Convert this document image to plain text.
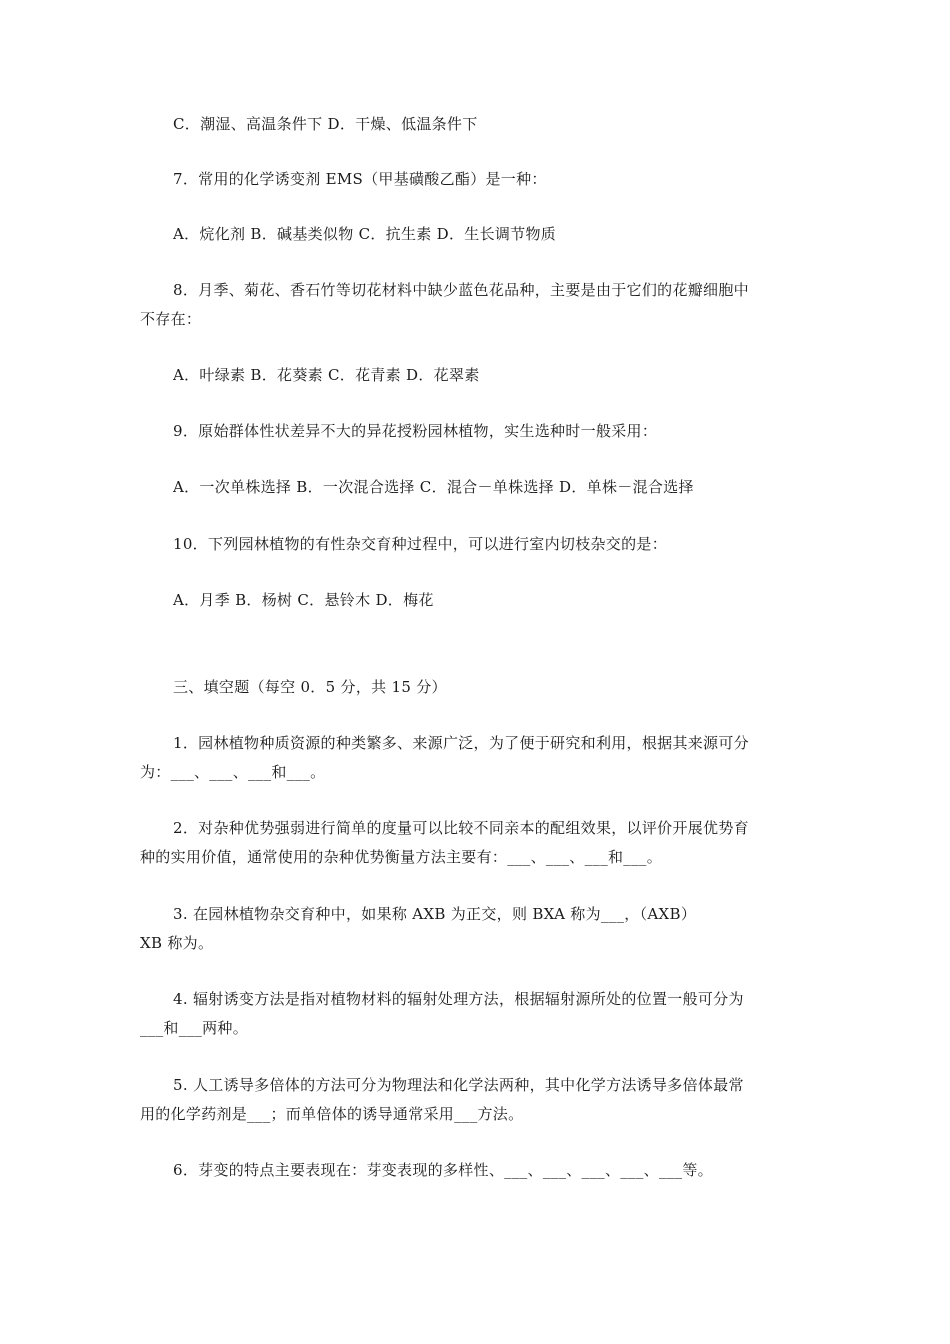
C．潮湿、高温条件下 D．干燥、低温条件下
7．常用的化学诱变剂 EMS（甲基磺酸乙酯）是一种：
A．烷化剂 B．碱基类似物 C．抗生素 D．生长调节物质
8．月季、菊花、香石竹等切花材料中缺少蓝色花品种，主要是由于它们的花瓣细胞中
不存在：
A．叶绿素 B．花葵素 C．花青素 D．花翠素
9．原始群体性状差异不大的异花授粉园林植物，实生选种时一般采用：
A．一次单株选择 B．一次混合选择 C．混合－单株选择 D．单株－混合选择
10．下列园林植物的有性杂交育种过程中，可以进行室内切枝杂交的是：
A．月季 B．杨树 C．悬铃木 D．梅花
三、填空题（每空 0．5 分，共 15 分）
1．园林植物种质资源的种类繁多、来源广泛，为了便于研究和利用，根据其来源可分
为：___、___、___和___。
2．对杂种优势强弱进行简单的度量可以比较不同亲本的配组效果，以评价开展优势育
种的实用价值，通常使用的杂种优势衡量方法主要有：___、___、___和___。
3. 在园林植物杂交育种中，如果称 AXB 为正交，则 BXA 称为___，（AXB）
XB 称为。
4. 辐射诱变方法是指对植物材料的辐射处理方法，根据辐射源所处的位置一般可分为
___和___两种。
5. 人工诱导多倍体的方法可分为物理法和化学法两种，其中化学方法诱导多倍体最常
用的化学药剂是___；而单倍体的诱导通常采用___方法。
6．芽变的特点主要表现在：芽变表现的多样性、___、___、___、___、___等。
